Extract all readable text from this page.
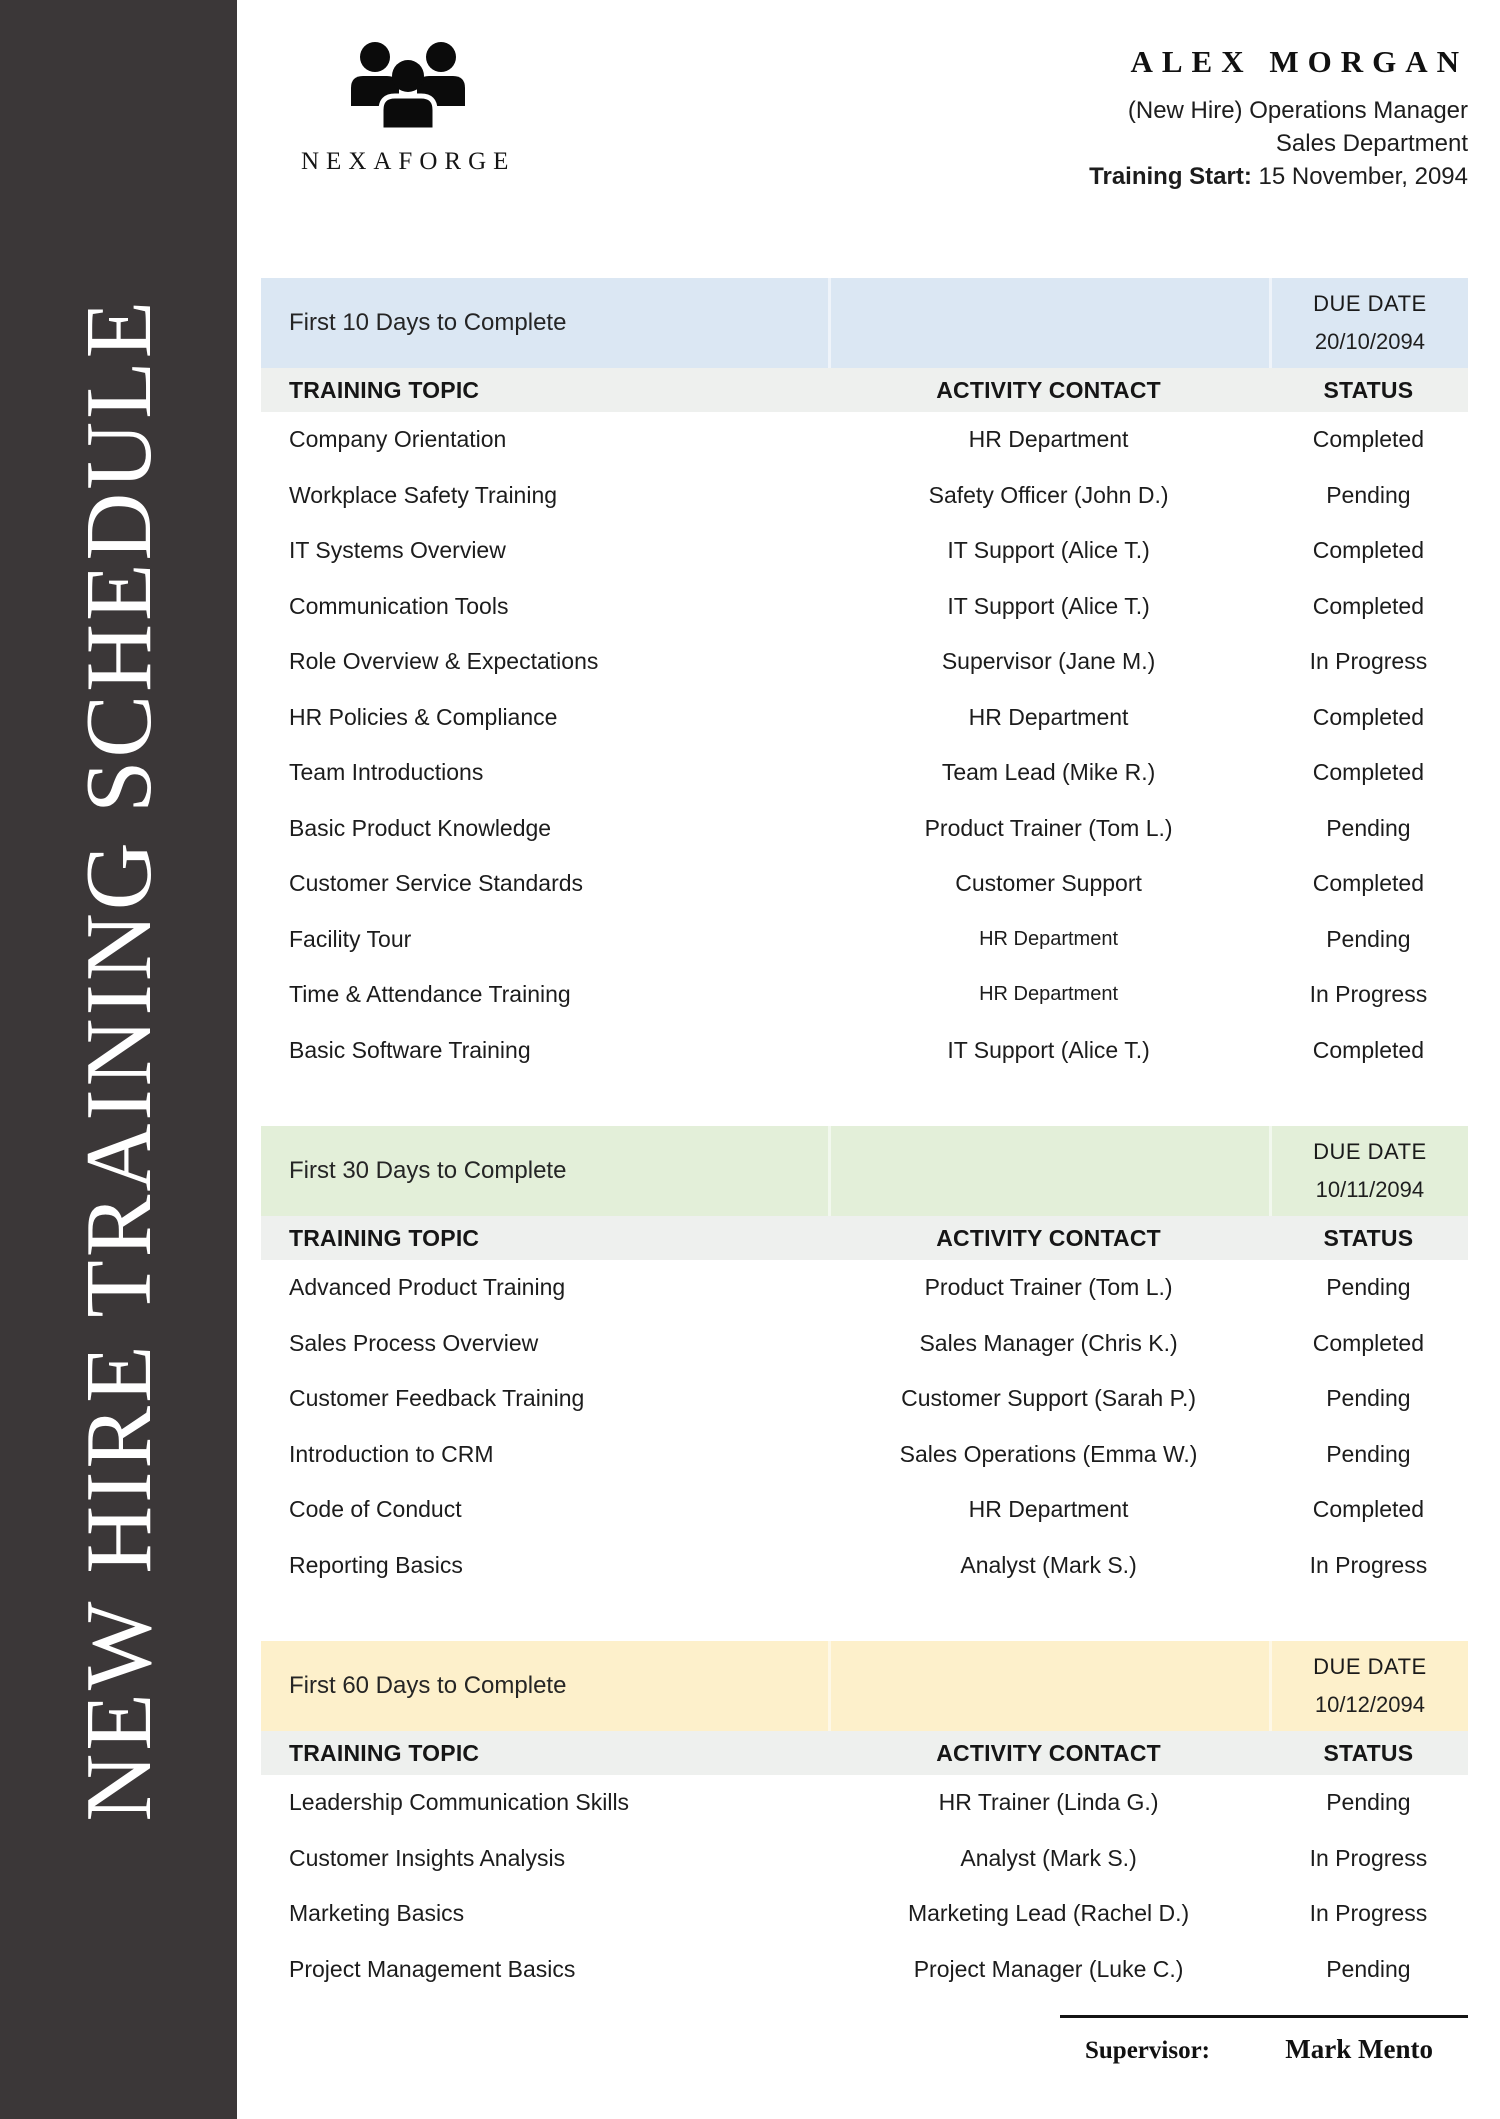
NEW HIRE TRAINING SCHEDULE
NEXAFORGE
ALEX MORGAN
(New Hire) Operations Manager
Sales Department
Training Start: 15 November, 2094
First 10 Days to Complete
DUE DATE
20/10/2094
TRAINING TOPIC	ACTIVITY CONTACT	STATUS
Company Orientation	HR Department	Completed
Workplace Safety Training	Safety Officer (John D.)	Pending
IT Systems Overview	IT Support (Alice T.)	Completed
Communication Tools	IT Support (Alice T.)	Completed
Role Overview & Expectations	Supervisor (Jane M.)	In Progress
HR Policies & Compliance	HR Department	Completed
Team Introductions	Team Lead (Mike R.)	Completed
Basic Product Knowledge	Product Trainer (Tom L.)	Pending
Customer Service Standards	Customer Support	Completed
Facility Tour	HR Department	Pending
Time & Attendance Training	HR Department	In Progress
Basic Software Training	IT Support (Alice T.)	Completed
First 30 Days to Complete
DUE DATE
10/11/2094
TRAINING TOPIC	ACTIVITY CONTACT	STATUS
Advanced Product Training	Product Trainer (Tom L.)	Pending
Sales Process Overview	Sales Manager (Chris K.)	Completed
Customer Feedback Training	Customer Support (Sarah P.)	Pending
Introduction to CRM	Sales Operations (Emma W.)	Pending
Code of Conduct	HR Department	Completed
Reporting Basics	Analyst (Mark S.)	In Progress
First 60 Days to Complete
DUE DATE
10/12/2094
TRAINING TOPIC	ACTIVITY CONTACT	STATUS
Leadership Communication Skills	HR Trainer (Linda G.)	Pending
Customer Insights Analysis	Analyst (Mark S.)	In Progress
Marketing Basics	Marketing Lead (Rachel D.)	In Progress
Project Management Basics	Project Manager (Luke C.)	Pending
Supervisor:	Mark Mento
